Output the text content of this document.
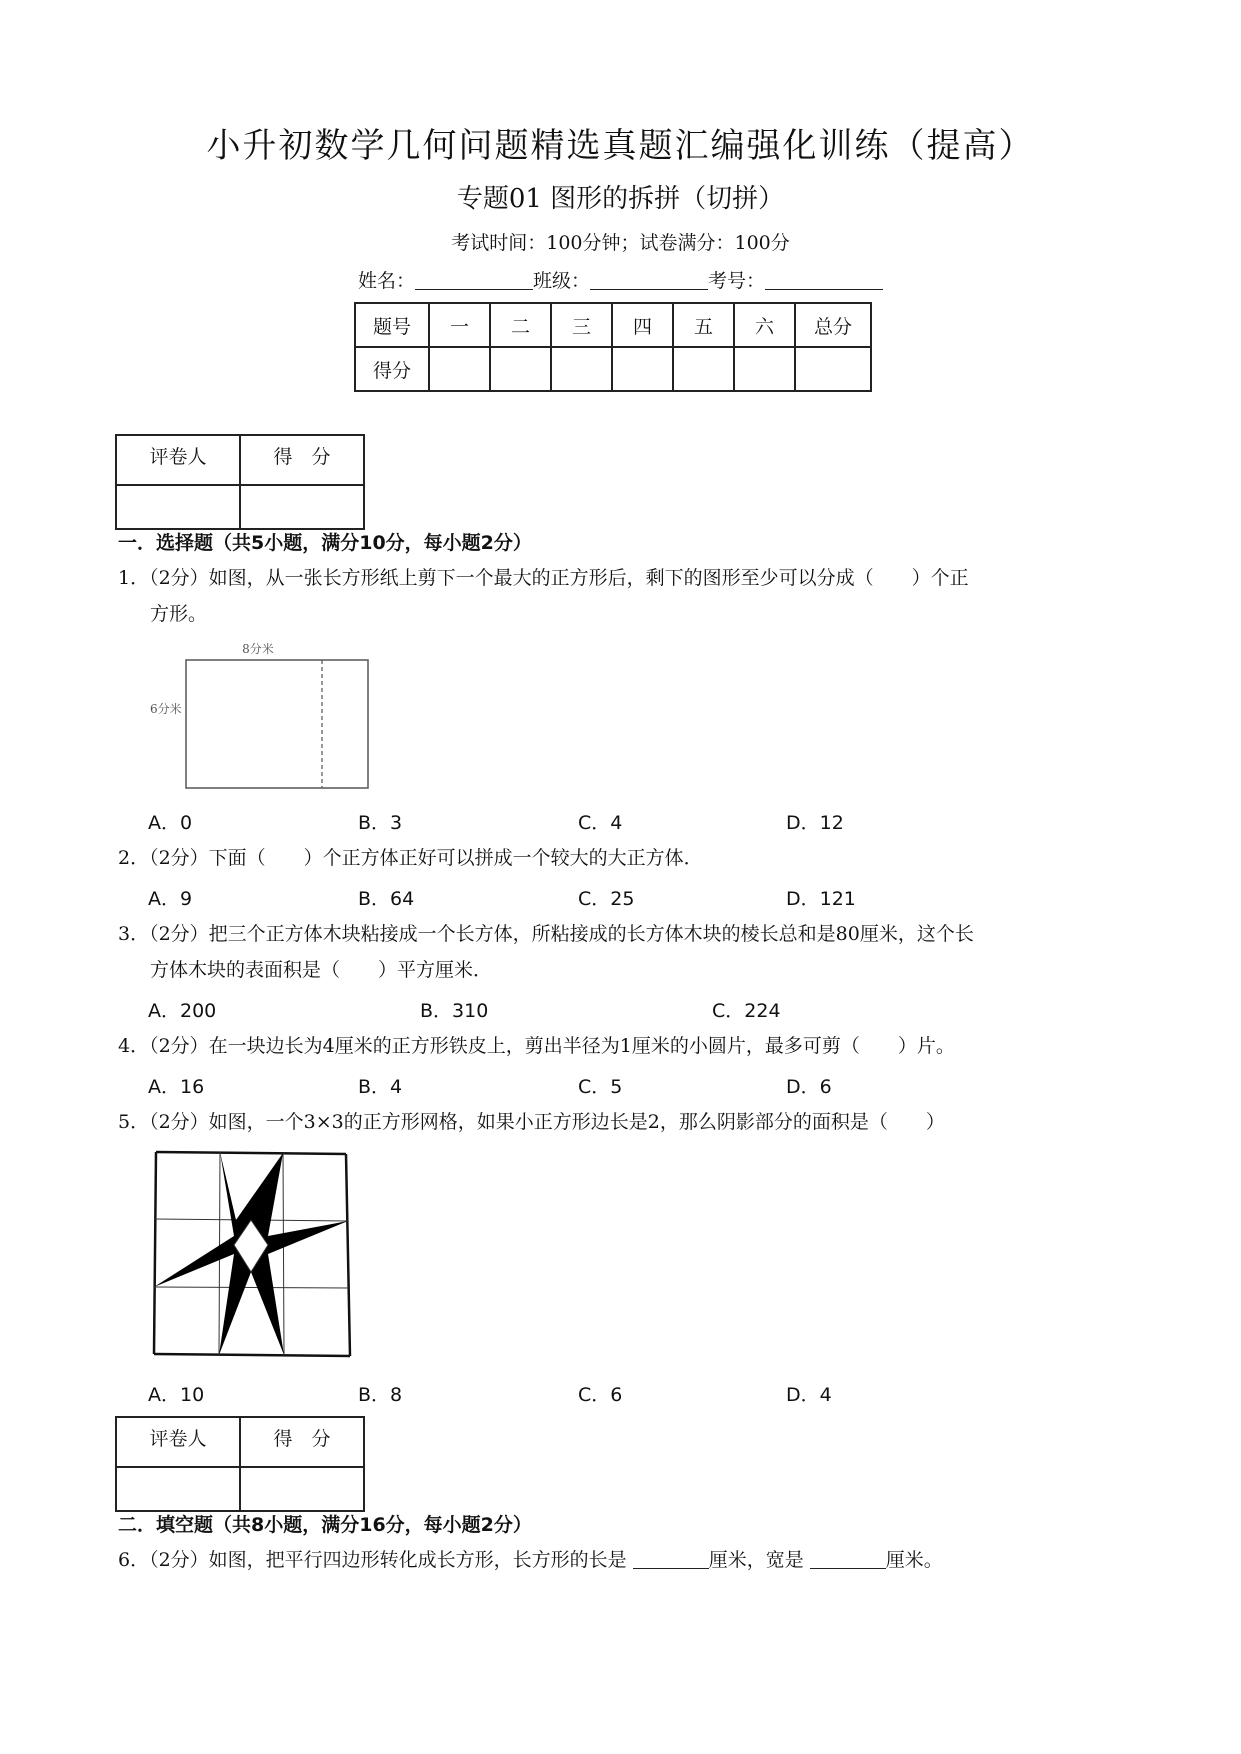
小升初数学几何问题精选真题汇编强化训练（提高）
专题01 图形的拆拼（切拼）
考试时间：100分钟；试卷满分：100分
姓名：	班级：	考号：
题号	一	二	三	四	五	六	总分
得分							
评卷人	得　分

一．选择题（共5小题，满分10分，每小题2分）
1．（2分）如图，从一张长方形纸上剪下一个最大的正方形后，剩下的图形至少可以分成（　　）个正
方形。
8分米
6分米
A．0	B．3	C．4	D．12
2．（2分）下面（　　）个正方体正好可以拼成一个较大的大正方体．
A．9	B．64	C．25	D．121
3．（2分）把三个正方体木块粘接成一个长方体，所粘接成的长方体木块的棱长总和是80厘米，这个长
方体木块的表面积是（　　）平方厘米．
A．200	B．310	C．224
4．（2分）在一块边长为4厘米的正方形铁皮上，剪出半径为1厘米的小圆片，最多可剪（　　）片。
A．16	B．4	C．5	D．6
5．（2分）如图，一个3×3的正方形网格，如果小正方形边长是2，那么阴影部分的面积是（　　）
A．10	B．8	C．6	D．4
评卷人	得　分

二．填空题（共8小题，满分16分，每小题2分）
6．（2分）如图，把平行四边形转化成长方形，长方形的长是	厘米，宽是	厘米。
